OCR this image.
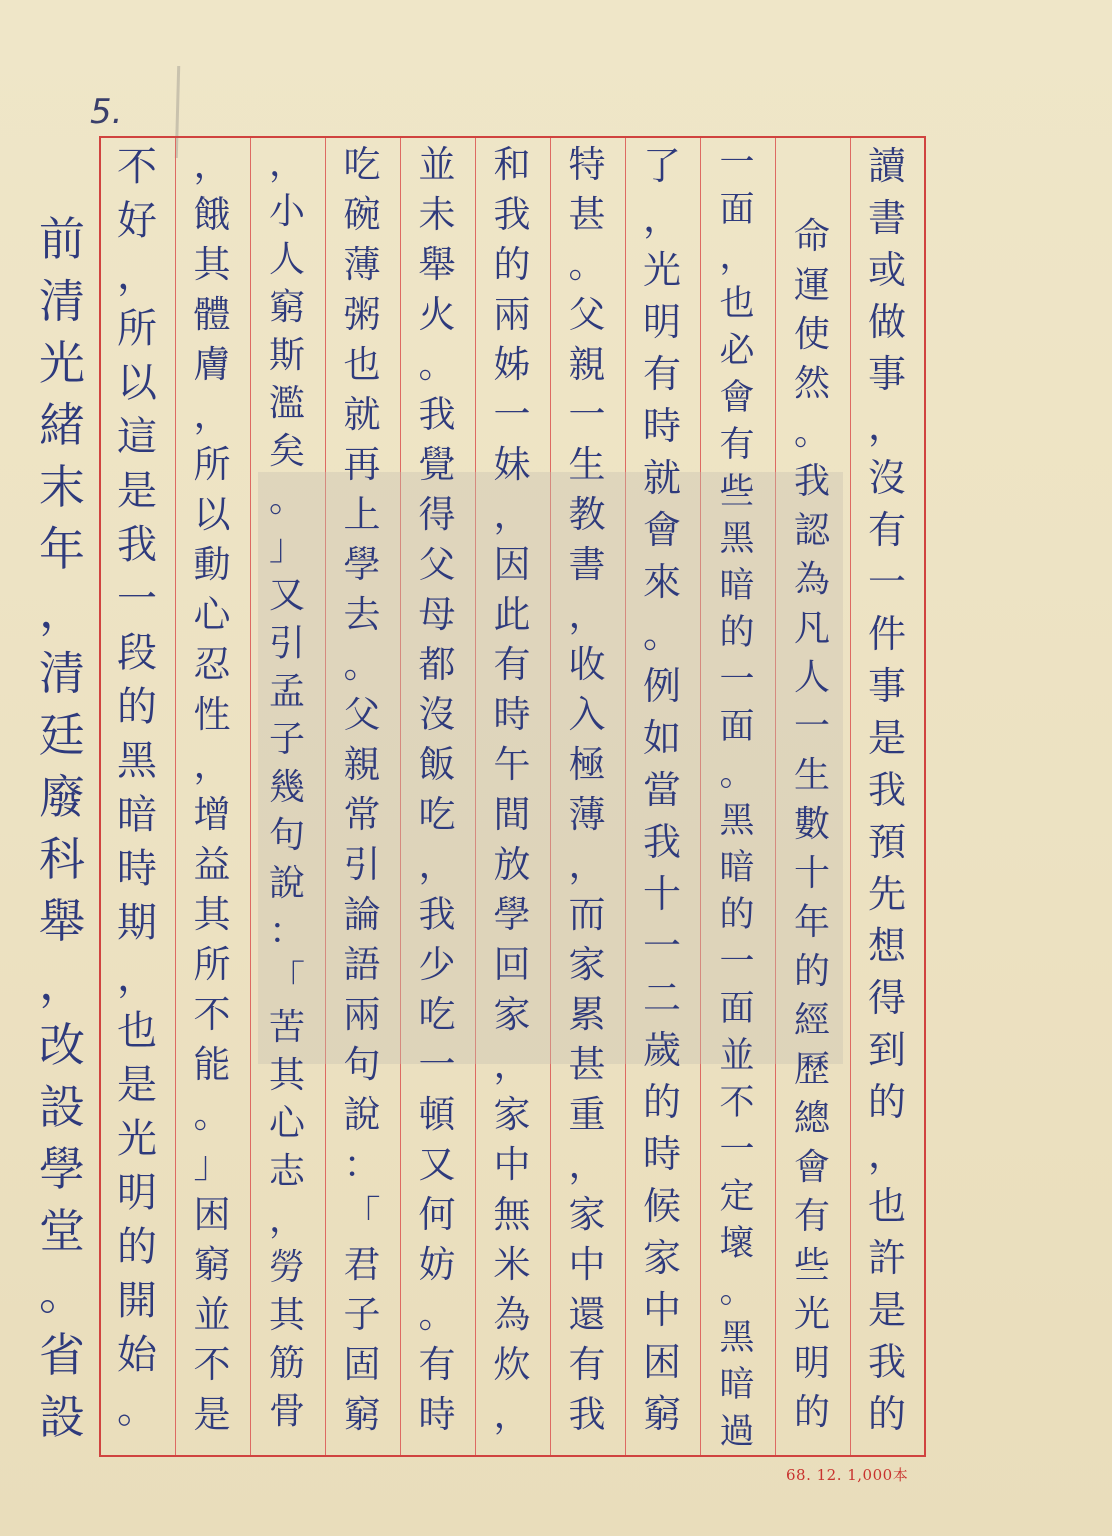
5.
讀
書
或
做
事
，
沒
有
一
件
事
是
我
預
先
想
得
到
的
，
也
許
是
我
的
命
運
使
然
。
我
認
為
凡
人
一
生
數
十
年
的
經
歷
總
會
有
些
光
明
的
一
面
，
也
必
會
有
些
黑
暗
的
一
面
。
黑
暗
的
一
面
並
不
一
定
壞
。
黑
暗
過
了
，
光
明
有
時
就
會
來
。
例
如
當
我
十
一
二
歲
的
時
候
家
中
困
窮
特
甚
。
父
親
一
生
教
書
，
收
入
極
薄
，
而
家
累
甚
重
，
家
中
還
有
我
和
我
的
兩
姊
一
妹
，
因
此
有
時
午
間
放
學
回
家
，
家
中
無
米
為
炊
，
並
未
舉
火
。
我
覺
得
父
母
都
沒
飯
吃
，
我
少
吃
一
頓
又
何
妨
。
有
時
吃
碗
薄
粥
也
就
再
上
學
去
。
父
親
常
引
論
語
兩
句
說
：
「
君
子
固
窮
，
小
人
窮
斯
濫
矣
。
」
又
引
孟
子
幾
句
說
：
「
苦
其
心
志
，
勞
其
筋
骨
，
餓
其
體
膚
，
所
以
動
心
忍
性
，
增
益
其
所
不
能
。
」
困
窮
並
不
是
不
好
，
所
以
這
是
我
一
段
的
黑
暗
時
期
，
也
是
光
明
的
開
始
。
前
清
光
緒
末
年
，
清
廷
廢
科
舉
，
改
設
學
堂
。
省
設
68. 12. 1,000本
